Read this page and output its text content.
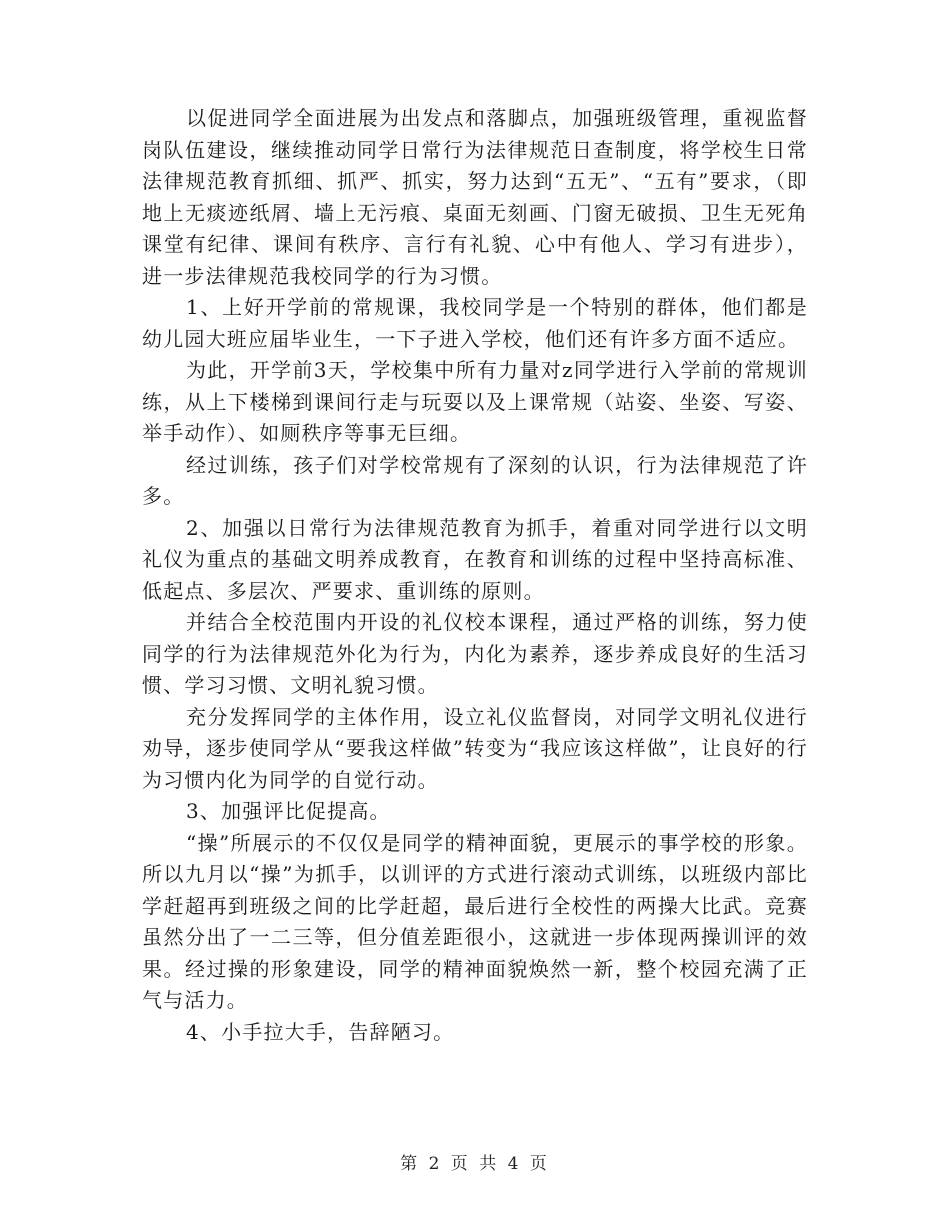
以促进同学全面进展为出发点和落脚点，加强班级管理，重视监督岗队伍建设，继续推动同学日常行为法律规范日查制度，将学校生日常法律规范教育抓细、抓严、抓实，努力达到“五无”、“五有”要求，（即地上无痰迹纸屑、墙上无污痕、桌面无刻画、门窗无破损、卫生无死角课堂有纪律、课间有秩序、言行有礼貌、心中有他人、学习有进步），进一步法律规范我校同学的行为习惯。

1、上好开学前的常规课，我校同学是一个特别的群体，他们都是幼儿园大班应届毕业生，一下子进入学校，他们还有许多方面不适应。

为此，开学前3天，学校集中所有力量对z同学进行入学前的常规训练，从上下楼梯到课间行走与玩耍以及上课常规（站姿、坐姿、写姿、举手动作）、如厕秩序等事无巨细。

经过训练，孩子们对学校常规有了深刻的认识，行为法律规范了许多。

2、加强以日常行为法律规范教育为抓手，着重对同学进行以文明礼仪为重点的基础文明养成教育，在教育和训练的过程中坚持高标准、低起点、多层次、严要求、重训练的原则。

并结合全校范围内开设的礼仪校本课程，通过严格的训练，努力使同学的行为法律规范外化为行为，内化为素养，逐步养成良好的生活习惯、学习习惯、文明礼貌习惯。

充分发挥同学的主体作用，设立礼仪监督岗，对同学文明礼仪进行劝导，逐步使同学从“要我这样做”转变为“我应该这样做”，让良好的行为习惯内化为同学的自觉行动。

3、加强评比促提高。

“操”所展示的不仅仅是同学的精神面貌，更展示的事学校的形象。所以九月以“操”为抓手，以训评的方式进行滚动式训练，以班级内部比学赶超再到班级之间的比学赶超，最后进行全校性的两操大比武。竞赛虽然分出了一二三等，但分值差距很小，这就进一步体现两操训评的效果。经过操的形象建设，同学的精神面貌焕然一新，整个校园充满了正气与活力。

4、小手拉大手，告辞陋习。

第 2 页 共 4 页
